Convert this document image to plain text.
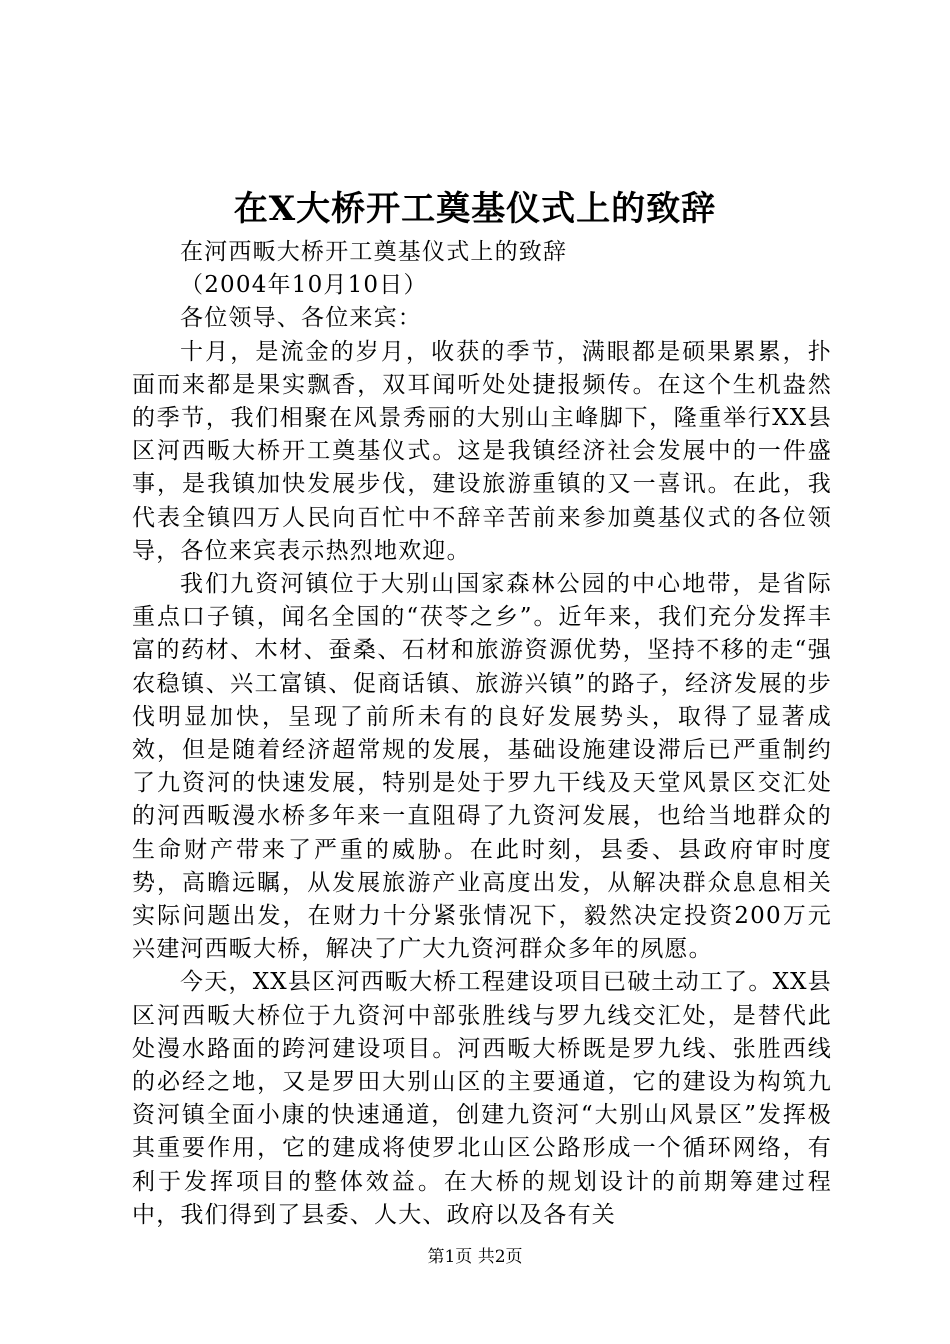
在X大桥开工奠基仪式上的致辞

在河西畈大桥开工奠基仪式上的致辞

（2004年10月10日）

各位领导、各位来宾：

十月，是流金的岁月，收获的季节，满眼都是硕果累累，扑面而来都是果实飘香，双耳闻听处处捷报频传。在这个生机盎然的季节，我们相聚在风景秀丽的大别山主峰脚下，隆重举行XX县区河西畈大桥开工奠基仪式。这是我镇经济社会发展中的一件盛事，是我镇加快发展步伐，建设旅游重镇的又一喜讯。在此，我代表全镇四万人民向百忙中不辞辛苦前来参加奠基仪式的各位领导，各位来宾表示热烈地欢迎。

我们九资河镇位于大别山国家森林公园的中心地带，是省际重点口子镇，闻名全国的“茯苓之乡”。近年来，我们充分发挥丰富的药材、木材、蚕桑、石材和旅游资源优势，坚持不移的走“强农稳镇、兴工富镇、促商话镇、旅游兴镇”的路子，经济发展的步伐明显加快，呈现了前所未有的良好发展势头，取得了显著成效，但是随着经济超常规的发展，基础设施建设滞后已严重制约了九资河的快速发展，特别是处于罗九干线及天堂风景区交汇处的河西畈漫水桥多年来一直阻碍了九资河发展，也给当地群众的生命财产带来了严重的威胁。在此时刻，县委、县政府审时度势，高瞻远瞩，从发展旅游产业高度出发，从解决群众息息相关实际问题出发，在财力十分紧张情况下，毅然决定投资200万元兴建河西畈大桥，解决了广大九资河群众多年的夙愿。

今天，XX县区河西畈大桥工程建设项目已破土动工了。XX县区河西畈大桥位于九资河中部张胜线与罗九线交汇处，是替代此处漫水路面的跨河建设项目。河西畈大桥既是罗九线、张胜西线的必经之地，又是罗田大别山区的主要通道，它的建设为构筑九资河镇全面小康的快速通道，创建九资河“大别山风景区”发挥极其重要作用，它的建成将使罗北山区公路形成一个循环网络，有利于发挥项目的整体效益。在大桥的规划设计的前期筹建过程中，我们得到了县委、人大、政府以及各有关

第1页 共2页
